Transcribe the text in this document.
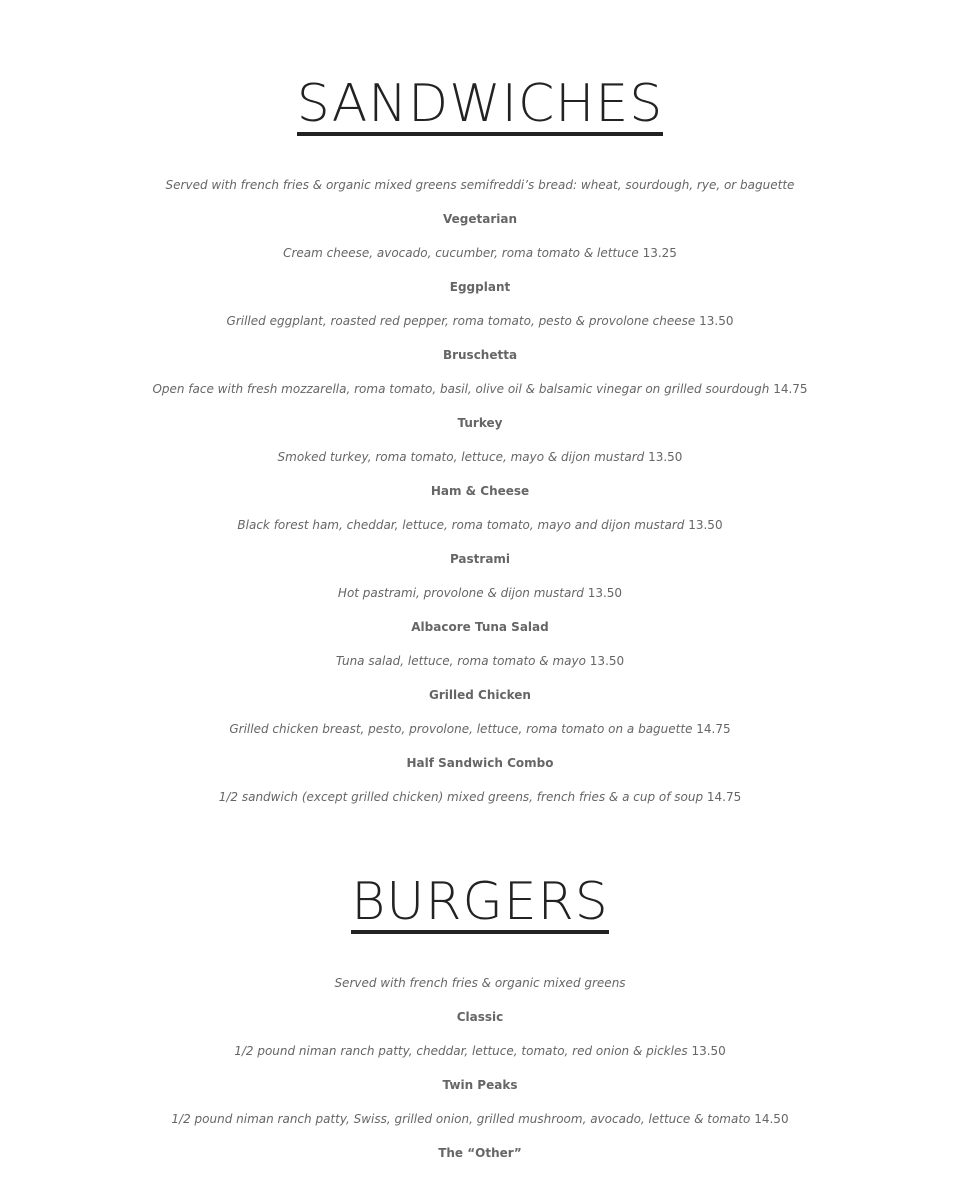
SANDWICHES

Served with french fries & organic mixed greens semifreddi’s bread: wheat, sourdough, rye, or baguette

Vegetarian

Cream cheese, avocado, cucumber, roma tomato & lettuce 13.25

Eggplant

Grilled eggplant, roasted red pepper, roma tomato, pesto & provolone cheese 13.50

Bruschetta

Open face with fresh mozzarella, roma tomato, basil, olive oil & balsamic vinegar on grilled sourdough 14.75

Turkey

Smoked turkey, roma tomato, lettuce, mayo & dijon mustard 13.50

Ham & Cheese

Black forest ham, cheddar, lettuce, roma tomato, mayo and dijon mustard 13.50

Pastrami

Hot pastrami, provolone & dijon mustard 13.50

Albacore Tuna Salad

Tuna salad, lettuce, roma tomato & mayo 13.50

Grilled Chicken

Grilled chicken breast, pesto, provolone, lettuce, roma tomato on a baguette 14.75

Half Sandwich Combo

1/2 sandwich (except grilled chicken) mixed greens, french fries & a cup of soup 14.75

BURGERS

Served with french fries & organic mixed greens

Classic

1/2 pound niman ranch patty, cheddar, lettuce, tomato, red onion & pickles 13.50

Twin Peaks

1/2 pound niman ranch patty, Swiss, grilled onion, grilled mushroom, avocado, lettuce & tomato 14.50

The “Other”
